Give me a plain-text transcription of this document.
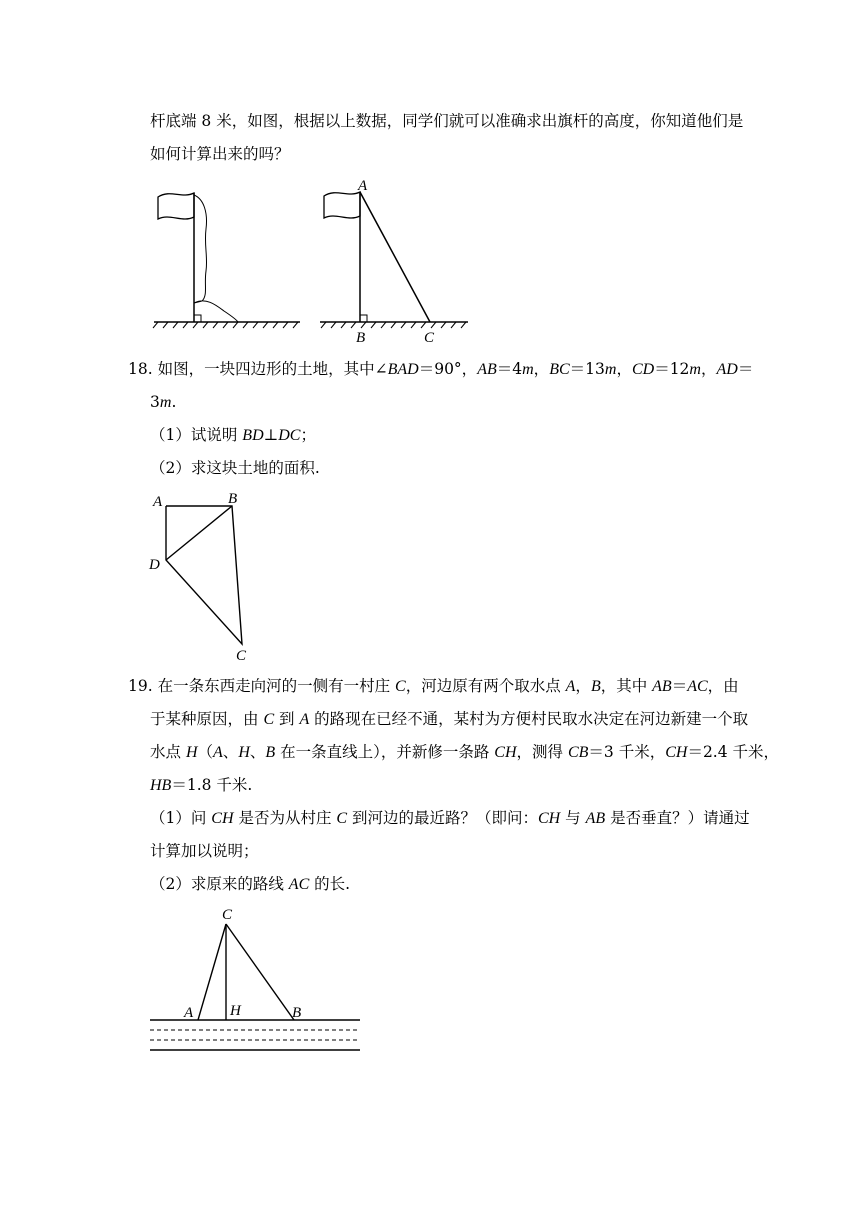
杆底端 8 米，如图，根据以上数据，同学们就可以准确求出旗杆的高度，你知道他们是
如何计算出来的吗？
A
B	C
18. 如图，一块四边形的土地，其中∠BAD＝90°，AB＝4m，BC＝13m，CD＝12m，AD＝
3m.
（1）试说明 BD⊥DC；
（2）求这块土地的面积.
A	B
C
D
19. 在一条东西走向河的一侧有一村庄 C，河边原有两个取水点 A，B，其中 AB＝AC，由
于某种原因，由 C 到 A 的路现在已经不通，某村为方便村民取水决定在河边新建一个取
水点 H（A、H、B 在一条直线上），并新修一条路 CH，测得 CB＝3 千米，CH＝2.4 千米，
HB＝1.8 千米.
（1）问 CH 是否为从村庄 C 到河边的最近路？（即问：CH 与 AB 是否垂直？）请通过
计算加以说明；
（2）求原来的路线 AC 的长.
C
A H	B
